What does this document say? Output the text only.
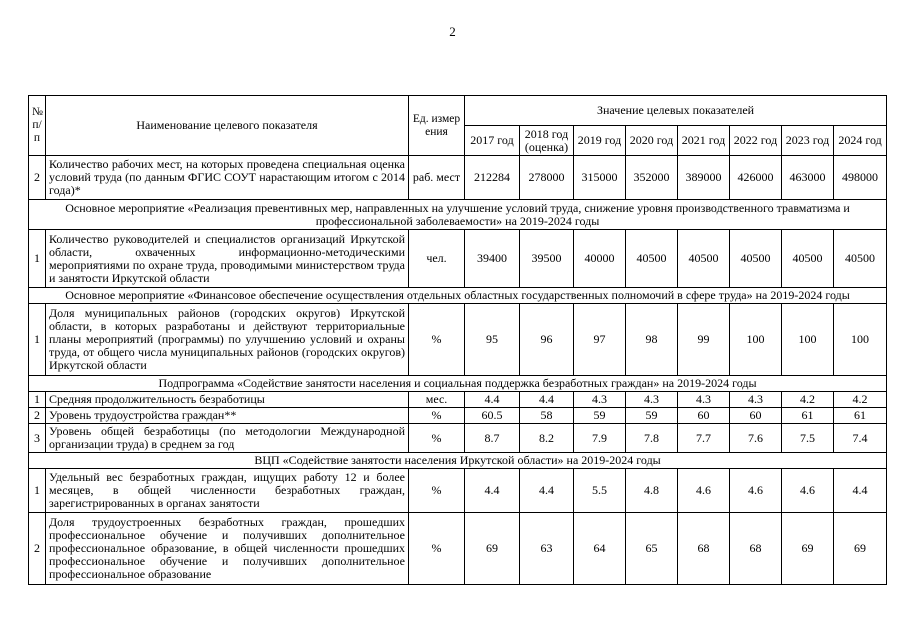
2
№ п/п	Наименование целевого показателя	Ед. измер ения	Значение целевых показателей							
			2017 год	2018 год (оценка)	2019 год	2020 год	2021 год	2022 год	2023 год	2024 год
2	Количество рабочих мест, на которых проведена специальная оценка условий труда (по данным ФГИС СОУТ нарастающим итогом с 2014 года)*	раб. мест	212284	278000	315000	352000	389000	426000	463000	498000
Основное мероприятие «Реализация превентивных мер, направленных на улучшение условий труда, снижение уровня производственного травматизма и профессиональной заболеваемости» на 2019-2024 годы										
1	Количество руководителей и специалистов организаций Иркутской области, охваченных информационно-методическими мероприятиями по охране труда, проводимыми министерством труда и занятости Иркутской области	чел.	39400	39500	40000	40500	40500	40500	40500	40500
Основное мероприятие «Финансовое обеспечение осуществления отдельных областных государственных полномочий в сфере труда» на 2019-2024 годы										
1	Доля муниципальных районов (городских округов) Иркутской области, в которых разработаны и действуют территориальные планы мероприятий (программы) по улучшению условий и охраны труда, от общего числа муниципальных районов (городских округов) Иркутской области	%	95	96	97	98	99	100	100	100
Подпрограмма «Содействие занятости населения и социальная поддержка безработных граждан» на 2019-2024 годы										
1	Средняя продолжительность безработицы	мес.	4.4	4.4	4.3	4.3	4.3	4.3	4.2	4.2
2	Уровень трудоустройства граждан**	%	60.5	58	59	59	60	60	61	61
3	Уровень общей безработицы (по методологии Международной организации труда) в среднем за год	%	8.7	8.2	7.9	7.8	7.7	7.6	7.5	7.4
ВЦП «Содействие занятости населения Иркутской области» на 2019-2024 годы										
1	Удельный вес безработных граждан, ищущих работу 12 и более месяцев, в общей численности безработных граждан, зарегистрированных в органах занятости	%	4.4	4.4	5.5	4.8	4.6	4.6	4.6	4.4
2	Доля трудоустроенных безработных граждан, прошедших профессиональное обучение и получивших дополнительное профессиональное образование, в общей численности прошедших профессиональное обучение и получивших дополнительное профессиональное образование	%	69	63	64	65	68	68	69	69
